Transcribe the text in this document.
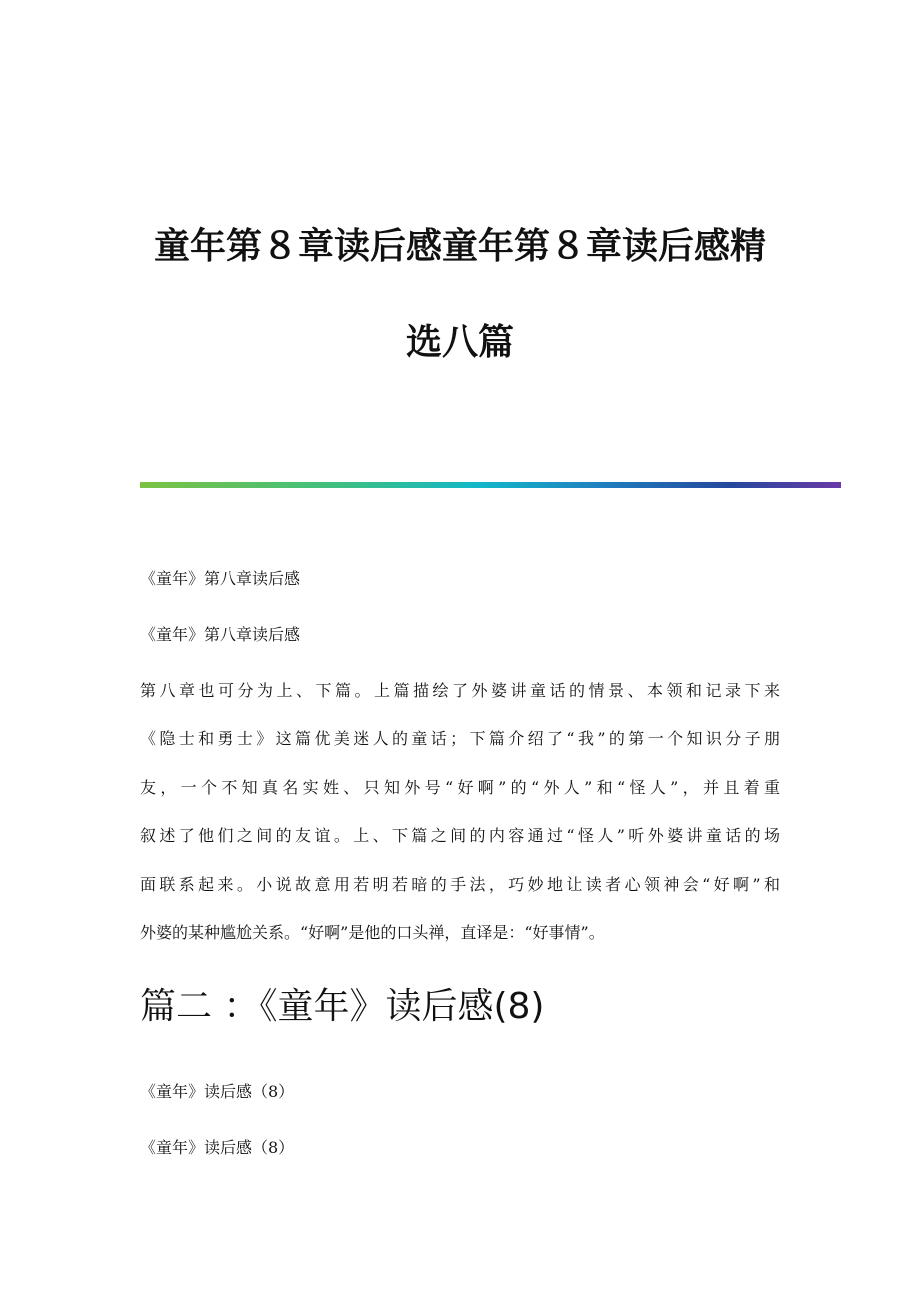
童年第８章读后感童年第８章读后感精
选八篇

《童年》第八章读后感

《童年》第八章读后感

第八章也可分为上、下篇。上篇描绘了外婆讲童话的情景、本领和记录下来
《隐士和勇士》这篇优美迷人的童话；下篇介绍了“我”的第一个知识分子朋
友，一个不知真名实姓、只知外号“好啊”的“外人”和“怪人”，并且着重
叙述了他们之间的友谊。上、下篇之间的内容通过“怪人”听外婆讲童话的场
面联系起来。小说故意用若明若暗的手法，巧妙地让读者心领神会“好啊”和
外婆的某种尴尬关系。“好啊”是他的口头禅，直译是：“好事情”。
篇二 ：《童年》读后感(8)

《童年》读后感（8）

《童年》读后感（8）
